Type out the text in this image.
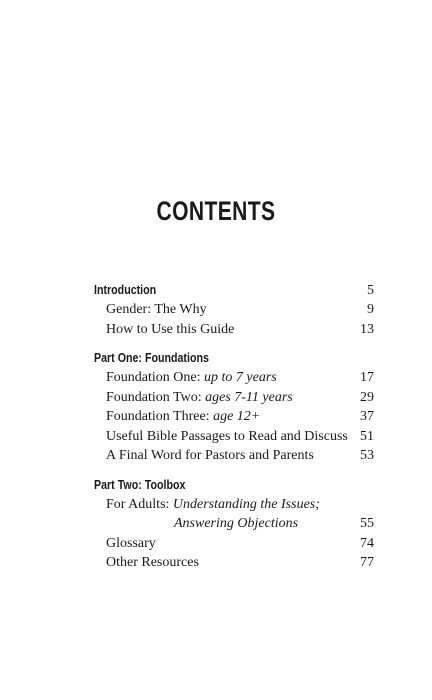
CONTENTS
Introduction	5
Gender: The Why	9
How to Use this Guide	13
Part One: Foundations
Foundation One: up to 7 years	17
Foundation Two: ages 7-11 years	29
Foundation Three: age 12+	37
Useful Bible Passages to Read and Discuss 51
A Final Word for Pastors and Parents	53
Part Two: Toolbox
For Adults: Understanding the Issues;
Answering Objections	55
Glossary	74
Other Resources	77
